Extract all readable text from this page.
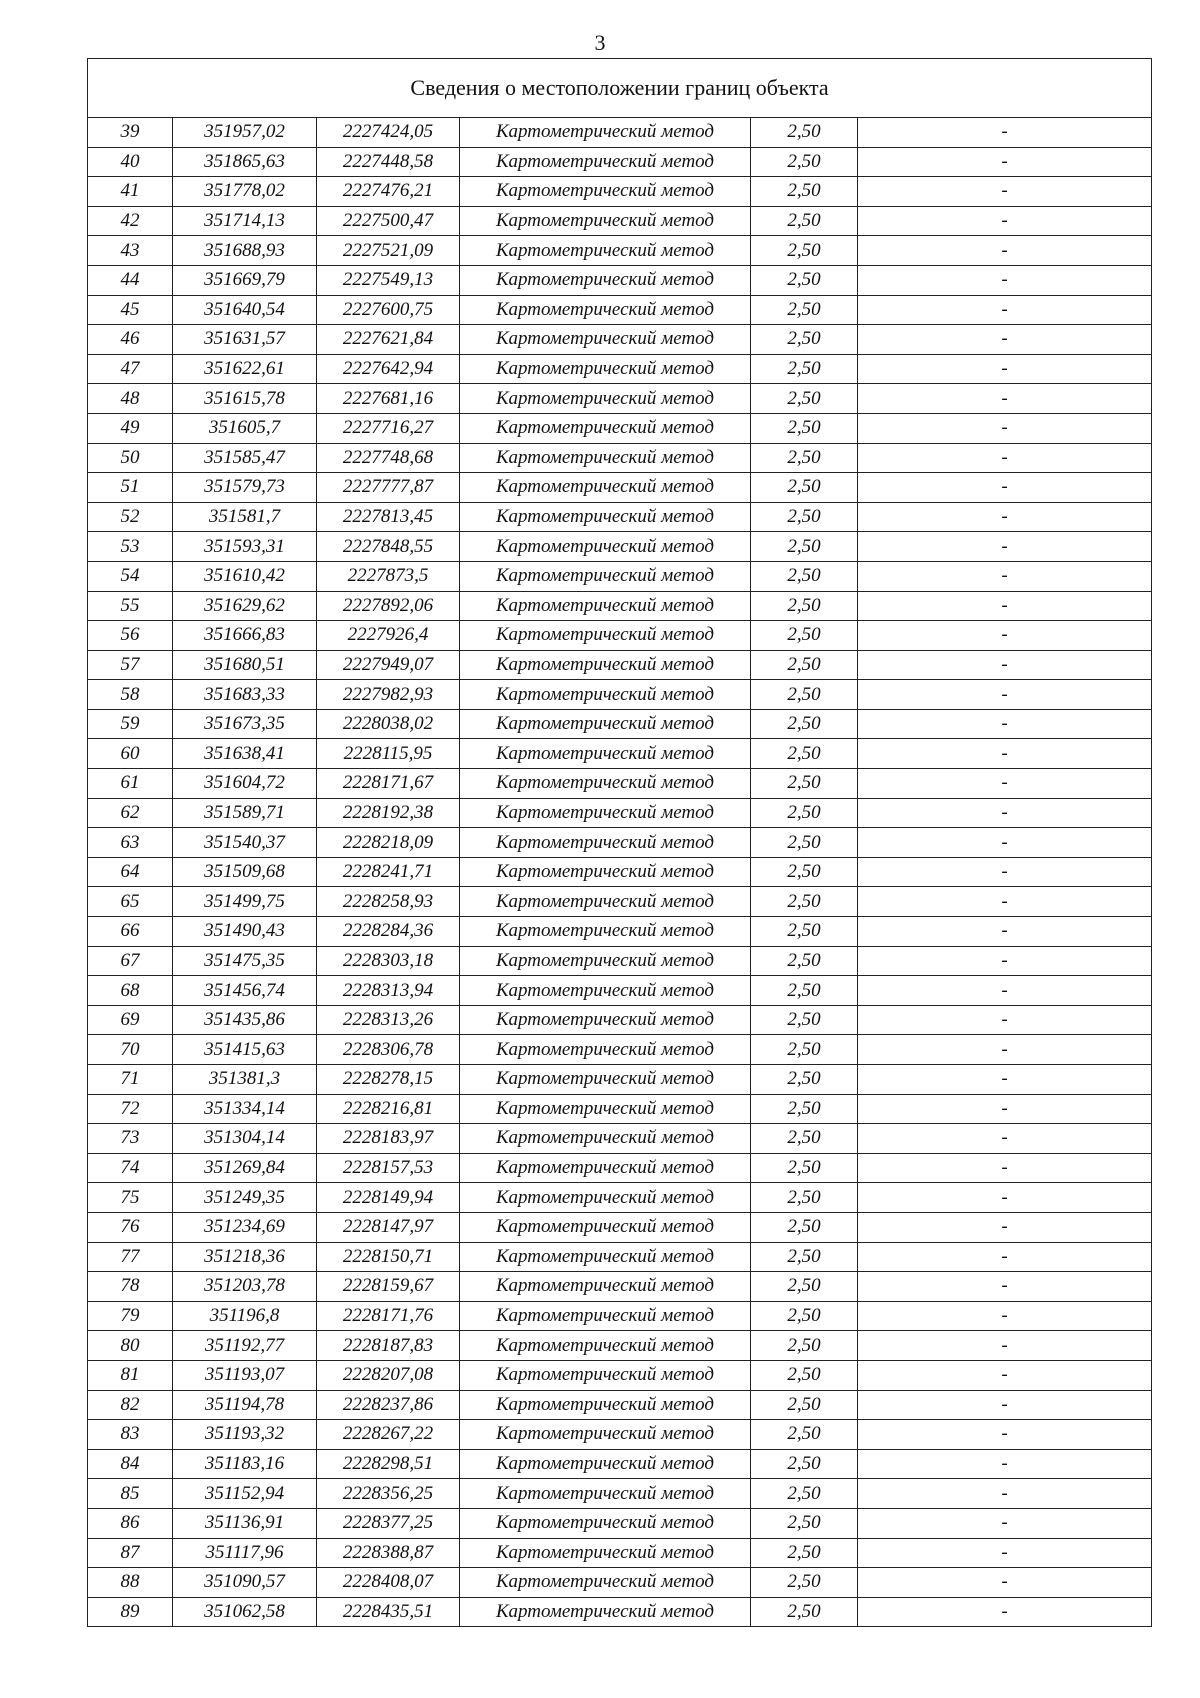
3
Сведения о местоположении границ объекта					
39	351957,02	2227424,05	Картометрический метод	2,50	-
40	351865,63	2227448,58	Картометрический метод	2,50	-
41	351778,02	2227476,21	Картометрический метод	2,50	-
42	351714,13	2227500,47	Картометрический метод	2,50	-
43	351688,93	2227521,09	Картометрический метод	2,50	-
44	351669,79	2227549,13	Картометрический метод	2,50	-
45	351640,54	2227600,75	Картометрический метод	2,50	-
46	351631,57	2227621,84	Картометрический метод	2,50	-
47	351622,61	2227642,94	Картометрический метод	2,50	-
48	351615,78	2227681,16	Картометрический метод	2,50	-
49	351605,7	2227716,27	Картометрический метод	2,50	-
50	351585,47	2227748,68	Картометрический метод	2,50	-
51	351579,73	2227777,87	Картометрический метод	2,50	-
52	351581,7	2227813,45	Картометрический метод	2,50	-
53	351593,31	2227848,55	Картометрический метод	2,50	-
54	351610,42	2227873,5	Картометрический метод	2,50	-
55	351629,62	2227892,06	Картометрический метод	2,50	-
56	351666,83	2227926,4	Картометрический метод	2,50	-
57	351680,51	2227949,07	Картометрический метод	2,50	-
58	351683,33	2227982,93	Картометрический метод	2,50	-
59	351673,35	2228038,02	Картометрический метод	2,50	-
60	351638,41	2228115,95	Картометрический метод	2,50	-
61	351604,72	2228171,67	Картометрический метод	2,50	-
62	351589,71	2228192,38	Картометрический метод	2,50	-
63	351540,37	2228218,09	Картометрический метод	2,50	-
64	351509,68	2228241,71	Картометрический метод	2,50	-
65	351499,75	2228258,93	Картометрический метод	2,50	-
66	351490,43	2228284,36	Картометрический метод	2,50	-
67	351475,35	2228303,18	Картометрический метод	2,50	-
68	351456,74	2228313,94	Картометрический метод	2,50	-
69	351435,86	2228313,26	Картометрический метод	2,50	-
70	351415,63	2228306,78	Картометрический метод	2,50	-
71	351381,3	2228278,15	Картометрический метод	2,50	-
72	351334,14	2228216,81	Картометрический метод	2,50	-
73	351304,14	2228183,97	Картометрический метод	2,50	-
74	351269,84	2228157,53	Картометрический метод	2,50	-
75	351249,35	2228149,94	Картометрический метод	2,50	-
76	351234,69	2228147,97	Картометрический метод	2,50	-
77	351218,36	2228150,71	Картометрический метод	2,50	-
78	351203,78	2228159,67	Картометрический метод	2,50	-
79	351196,8	2228171,76	Картометрический метод	2,50	-
80	351192,77	2228187,83	Картометрический метод	2,50	-
81	351193,07	2228207,08	Картометрический метод	2,50	-
82	351194,78	2228237,86	Картометрический метод	2,50	-
83	351193,32	2228267,22	Картометрический метод	2,50	-
84	351183,16	2228298,51	Картометрический метод	2,50	-
85	351152,94	2228356,25	Картометрический метод	2,50	-
86	351136,91	2228377,25	Картометрический метод	2,50	-
87	351117,96	2228388,87	Картометрический метод	2,50	-
88	351090,57	2228408,07	Картометрический метод	2,50	-
89	351062,58	2228435,51	Картометрический метод	2,50	-
